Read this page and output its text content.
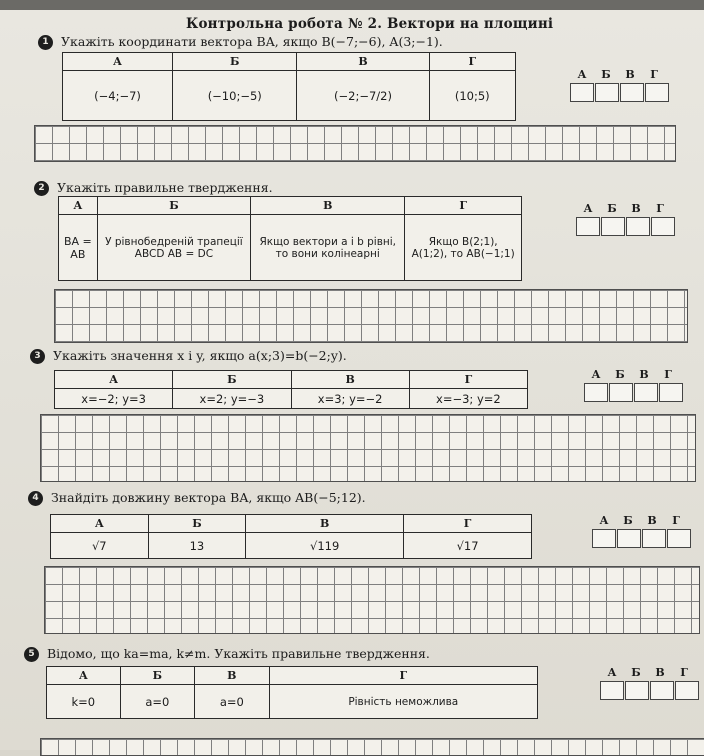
Контрольна робота № 2. Вектори на площині
1 Укажіть координати вектора BA, якщо B(−7;−6), A(3;−1).
А	Б	В	Г
(−4;−7)	(−10;−5)	(−2;−7/2)	(10;5)
А	Б	В	Г
2 Укажіть правильне твердження.
А	Б	В	Г
BA = AB	У рівнобедреній трапеції ABCD AB = DC	Якщо вектори a і b рівні, то вони колінеарні	Якщо B(2;1), A(1;2), то AB(−1;1)
А	Б	В	Г
3 Укажіть значення x і y, якщо a(x;3)=b(−2;y).
А	Б	В	Г
x=−2; y=3	x=2; y=−3	x=3; y=−2	x=−3; y=2
А	Б	В	Г
4 Знайдіть довжину вектора BA, якщо AB(−5;12).
А	Б	В	Г
√7	13	√119	√17
А	Б	В	Г
5 Відомо, що ka=ma, k≠m. Укажіть правильне твердження.
А	Б	В	Г
k=0	a=0	a=0	Рівність неможлива
А	Б	В	Г
